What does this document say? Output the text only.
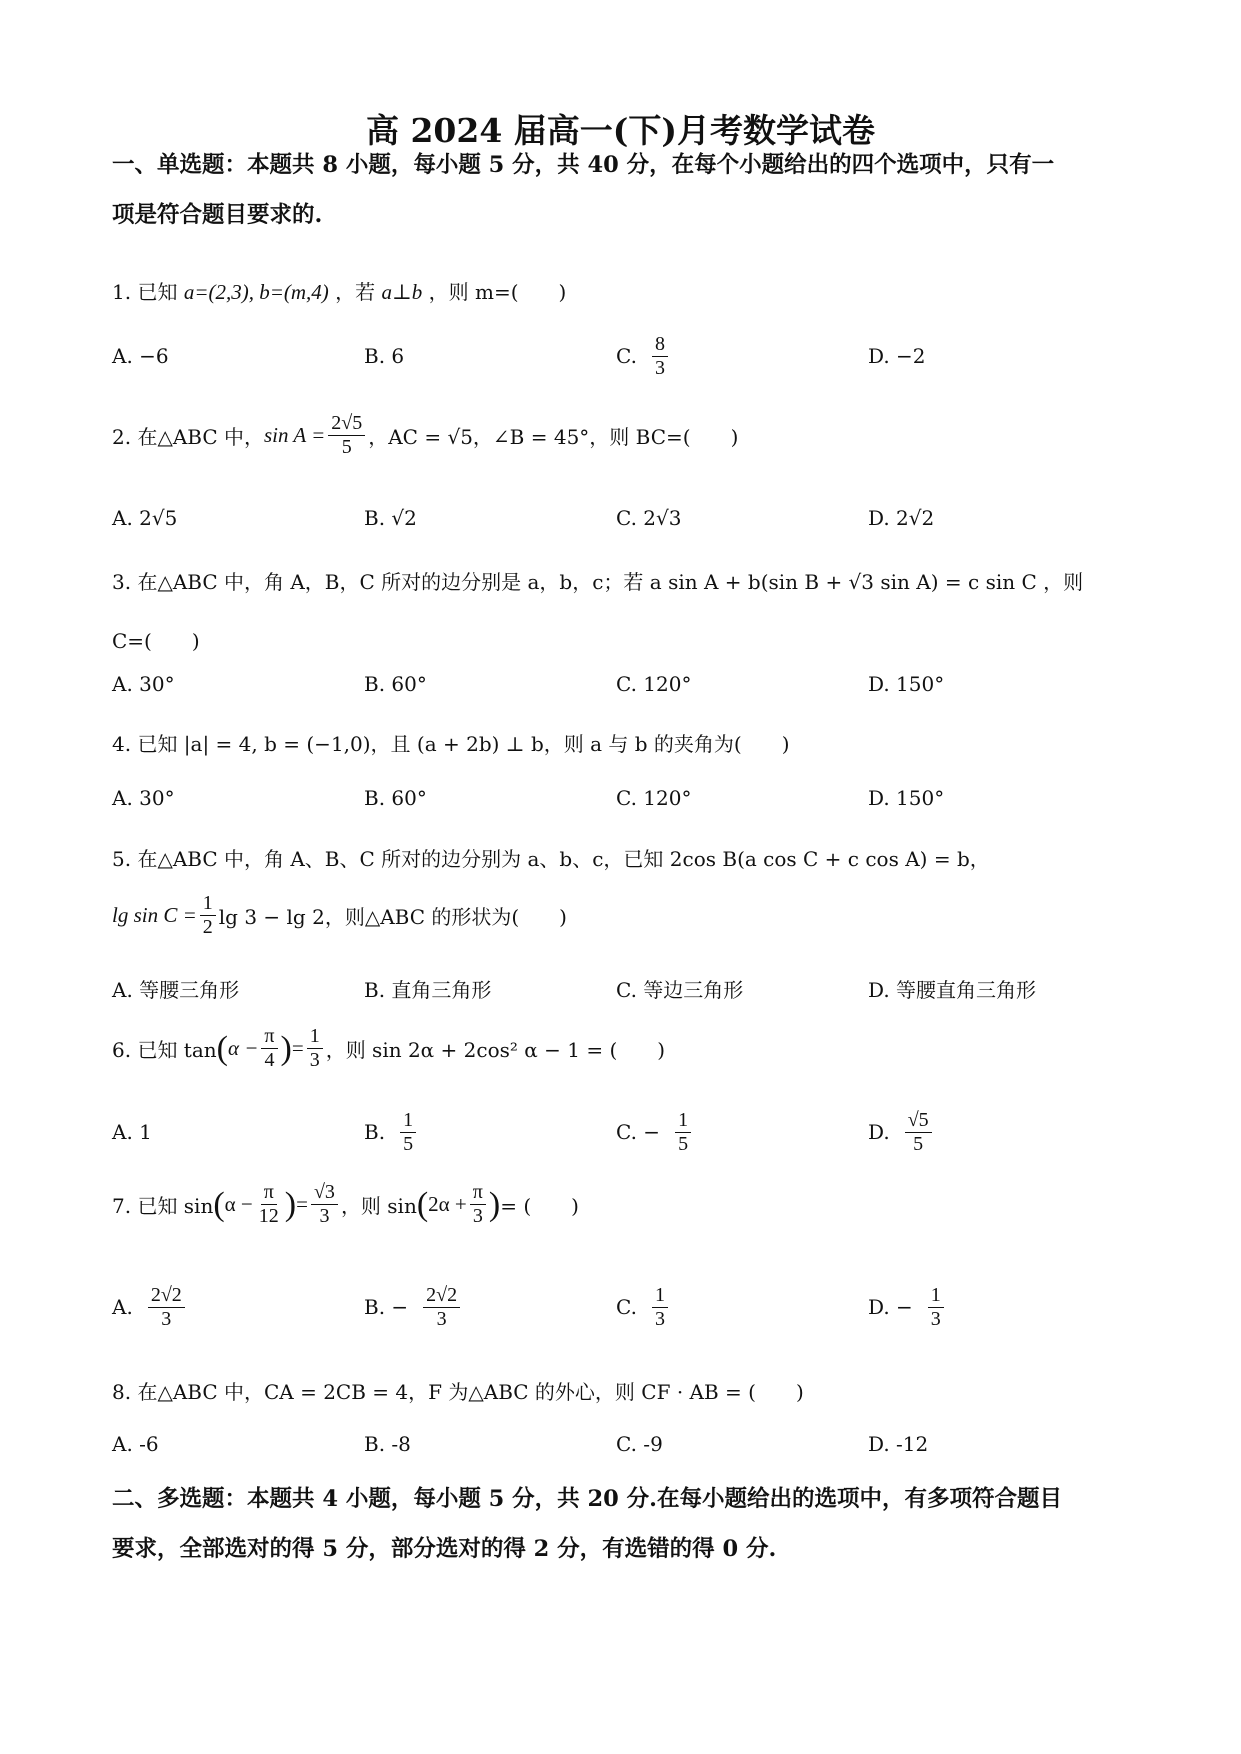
高 2024 届高一(下)月考数学试卷
一、单选题：本题共 8 小题，每小题 5 分，共 40 分，在每个小题给出的四个选项中，只有一
项是符合题目要求的.
1. 已知 a=(2,3), b=(m,4) ，若 a⊥b ，则 m=(　　)
A. −6	B. 6	C. $\frac{8}{3}$	D. −2
2. 在△ABC 中， $\sin A = \frac{2√5}{5}$ ，AC = √5，∠B = 45°，则 BC=(　　)
A. 2√5	B. √2	C. 2√3	D. 2√2
3. 在△ABC 中，角 A，B，C 所对的边分别是 a，b，c；若 a sin A + b(sin B + √3 sin A) = c sin C ，则
C=(　　)
A. 30°	B. 60°	C. 120°	D. 150°
4. 已知 |a| = 4, b = (−1,0)，且 (a + 2b) ⊥ b，则 a 与 b 的夹角为(　　)
A. 30°	B. 60°	C. 120°	D. 150°
5. 在△ABC 中，角 A、B、C 所对的边分别为 a、b、c，已知 2cos B(a cos C + c cos A) = b，
$\lg \sin C = \frac{1}{2}$ lg 3 − lg 2，则△ABC 的形状为(　　)
A. 等腰三角形	B. 直角三角形	C. 等边三角形	D. 等腰直角三角形
6. 已知 tan ( $\alpha - \frac{\pi}{4}$ ) = $\frac{1}{3}$ ，则 sin 2α + 2cos² α − 1 = (　　)
A. 1	B. $\frac{1}{5}$	C. − $\frac{1}{5}$	D. $\frac{√5}{5}$
7. 已知 sin ( $\alpha - \frac{\pi}{12}$ ) = $\frac{√3}{3}$ ，则 sin ( $2\alpha + \frac{\pi}{3}$ ) = (　　)
A. $\frac{2√2}{3}$	B. − $\frac{2√2}{3}$	C. $\frac{1}{3}$	D. − $\frac{1}{3}$
8. 在△ABC 中，CA = 2CB = 4，F 为△ABC 的外心，则 CF · AB = (　　)
A. -6	B. -8	C. -9	D. -12
二、多选题：本题共 4 小题，每小题 5 分，共 20 分.在每小题给出的选项中，有多项符合题目
要求，全部选对的得 5 分，部分选对的得 2 分，有选错的得 0 分.
